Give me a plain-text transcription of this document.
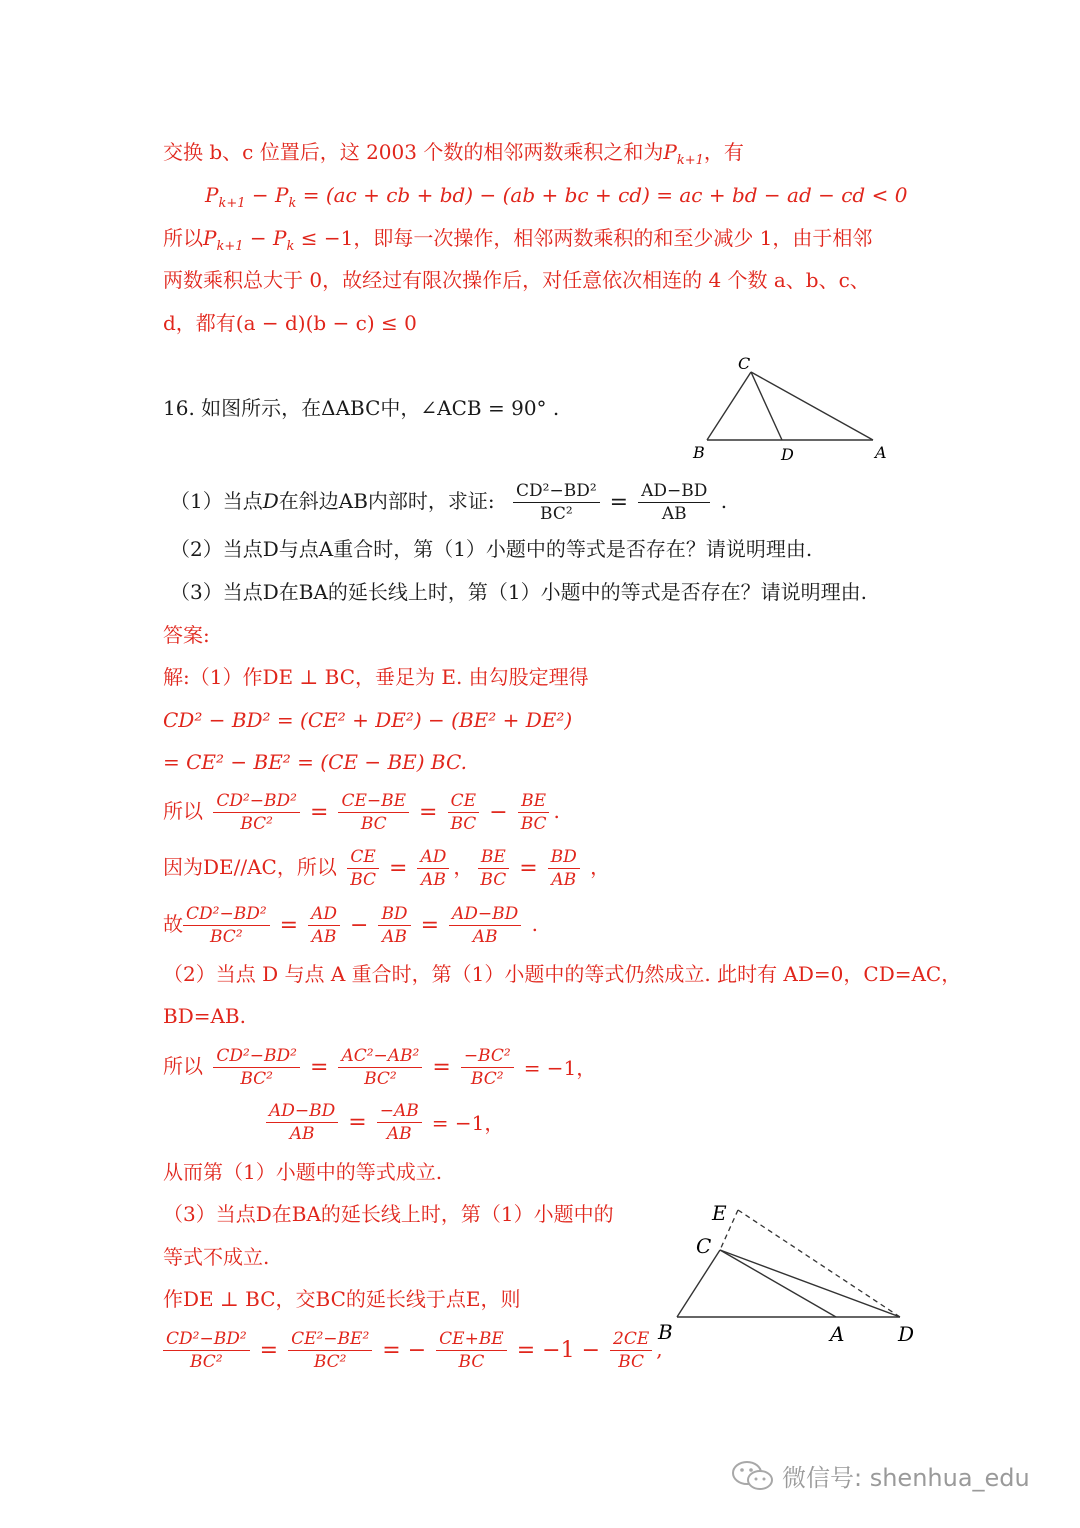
交换 b、c 位置后，这 2003 个数的相邻两数乘积之和为$P_{k+1}$，有
$P_{k+1} - P_k = (ac$ + cb + bd) − (ab + bc + cd) = ac + bd − ad − cd < 0
所以$P_{k+1} - P_k \le -1$，即每一次操作，相邻两数乘积的和至少减少 1，由于相邻
两数乘积总大于 0，故经过有限次操作后，对任意依次相连的 4 个数 a、b、c、
d，都有(a − d)(b − c) ≤ 0
C
B	D	A
16. 如图所示，在ΔABC中，∠ACB = 90° .
（1）当点D在斜边AB内部时，求证: $\frac{\text{CD²−BD²}}{\text{BC²}} = \frac{AD-BD}{AB}$ .
（2）当点D与点A重合时，第（1）小题中的等式是否存在？请说明理由.
（3）当点D在BA的延长线上时，第（1）小题中的等式是否存在？请说明理由.
答案:
解:（1）作DE ⊥ BC，垂足为 E. 由勾股定理得
CD² − BD² = (CE² + DE²) − (BE² + DE²)
= CE² − BE² = (CE − BE) BC.
所以 $\frac{\text{CD²−BD²}}{\text{BC²}} = \frac{CE-BE}{BC} = \frac{CE}{BC} - \frac{BE}{BC}$ .
因为DE//AC，所以 $\frac{CE}{BC} = \frac{AD}{AB}$ ， $\frac{BE}{BC} = \frac{BD}{AB}$ ，
故 $\frac{\text{CD²−BD²}}{\text{BC²}} = \frac{AD}{AB} - \frac{BD}{AB} = \frac{AD-BD}{AB}$ .
（2）当点 D 与点 A 重合时，第（1）小题中的等式仍然成立. 此时有 AD=0，CD=AC，
BD=AB.
所以 $\frac{\text{CD²−BD²}}{\text{BC²}} = \frac{\text{AC²−AB²}}{\text{BC²}} = \frac{\text{−BC²}}{\text{BC²}} = -1$，
$\frac{AD-BD}{AB} = \frac{-AB}{AB} = -1$，
从而第（1）小题中的等式成立.
（3）当点D在BA的延长线上时，第（1）小题中的
等式不成立.
作DE ⊥ BC，交BC的延长线于点E，则
$\frac{\text{CD²−BD²}}{\text{BC²}} = \frac{\text{CE²−BE²}}{\text{BC²}}$ = − $\frac{CE+BE}{BC} = -1 - \frac{2CE}{BC}$ ,
E
C
B	A	D
微信号: shenhua_edu
